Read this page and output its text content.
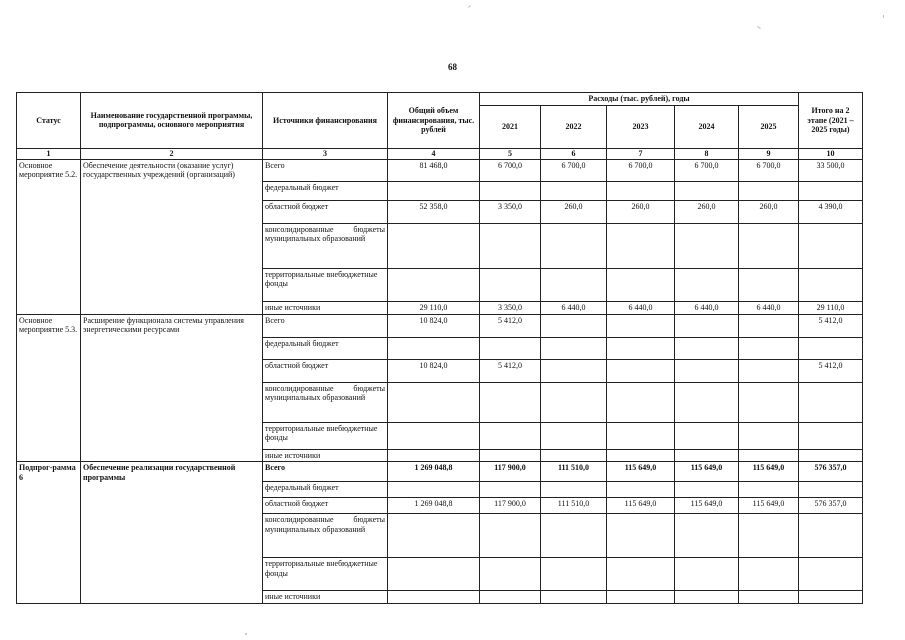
68
Статус	Наименование государственной программы, подпрограммы, основного мероприятия	Источники финансирования	Общий объем финансирования, тыс. рублей	Расходы (тыс. рублей), годы					Итого на 2 этапе (2021 – 2025 годы)
				2021	2022	2023	2024	2025	
1	2	3	4	5	6	7	8	9	10
Основное мероприятие 5.2.	Обеспечение деятельности (оказание услуг) государственных учреждений (организаций)	Всего	81 468,0	6 700,0	6 700,0	6 700,0	6 700,0	6 700,0	33 500,0
		федеральный бюджет							
		областной бюджет	52 358,0	3 350,0	260,0	260,0	260,0	260,0	4 390,0
		консолидированные бюджеты муниципальных образований							
		территориальные внебюджетные фонды							
		иные источники	29 110,0	3 350,0	6 440,0	6 440,0	6 440,0	6 440,0	29 110,0
Основное мероприятие 5.3.	Расширение функционала системы управления энергетическими ресурсами	Всего	10 824,0	5 412,0					5 412,0
		федеральный бюджет							
		областной бюджет	10 824,0	5 412,0					5 412,0
		консолидированные бюджеты муниципальных образований							
		территориальные внебюджетные фонды							
		иные источники							
Подпрог-рамма 6	Обеспечение реализации государственной программы	Всего	1 269 048,8	117 900,0	111 510,0	115 649,0	115 649,0	115 649,0	576 357,0
		федеральный бюджет							
		областной бюджет	1 269 048,8	117 900,0	111 510,0	115 649,0	115 649,0	115 649,0	576 357,0
		консолидированные бюджеты муниципальных образований							
		территориальные внебюджетные фонды							
		иные источники							
